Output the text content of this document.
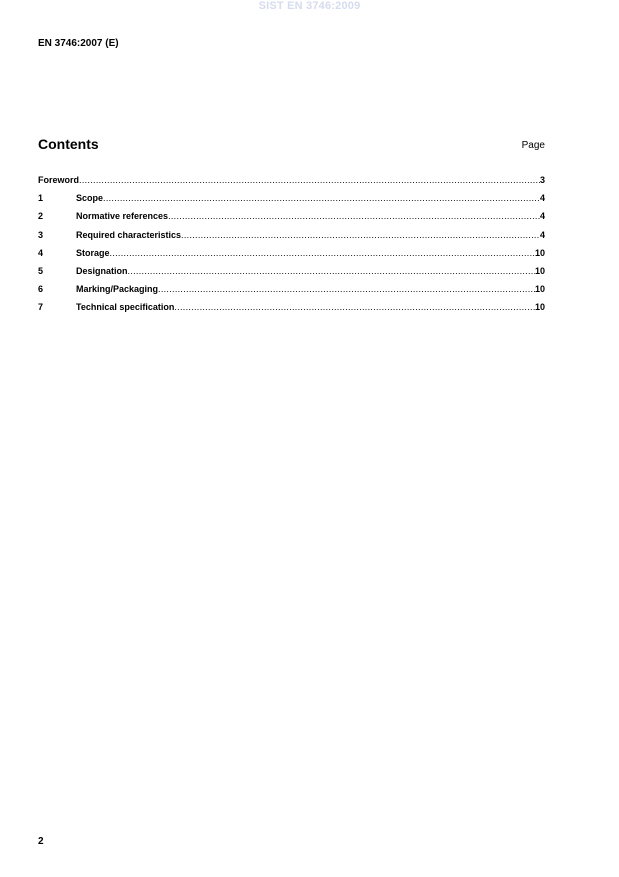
SIST EN 3746:2009
EN 3746:2007 (E)
Contents	Page
Foreword .....	3
1	Scope .....	4
2	Normative references .....	4
3	Required characteristics .....	4
4	Storage .....	10
5	Designation .....	10
6	Marking/Packaging .....	10
7	Technical specification .....	10
2
